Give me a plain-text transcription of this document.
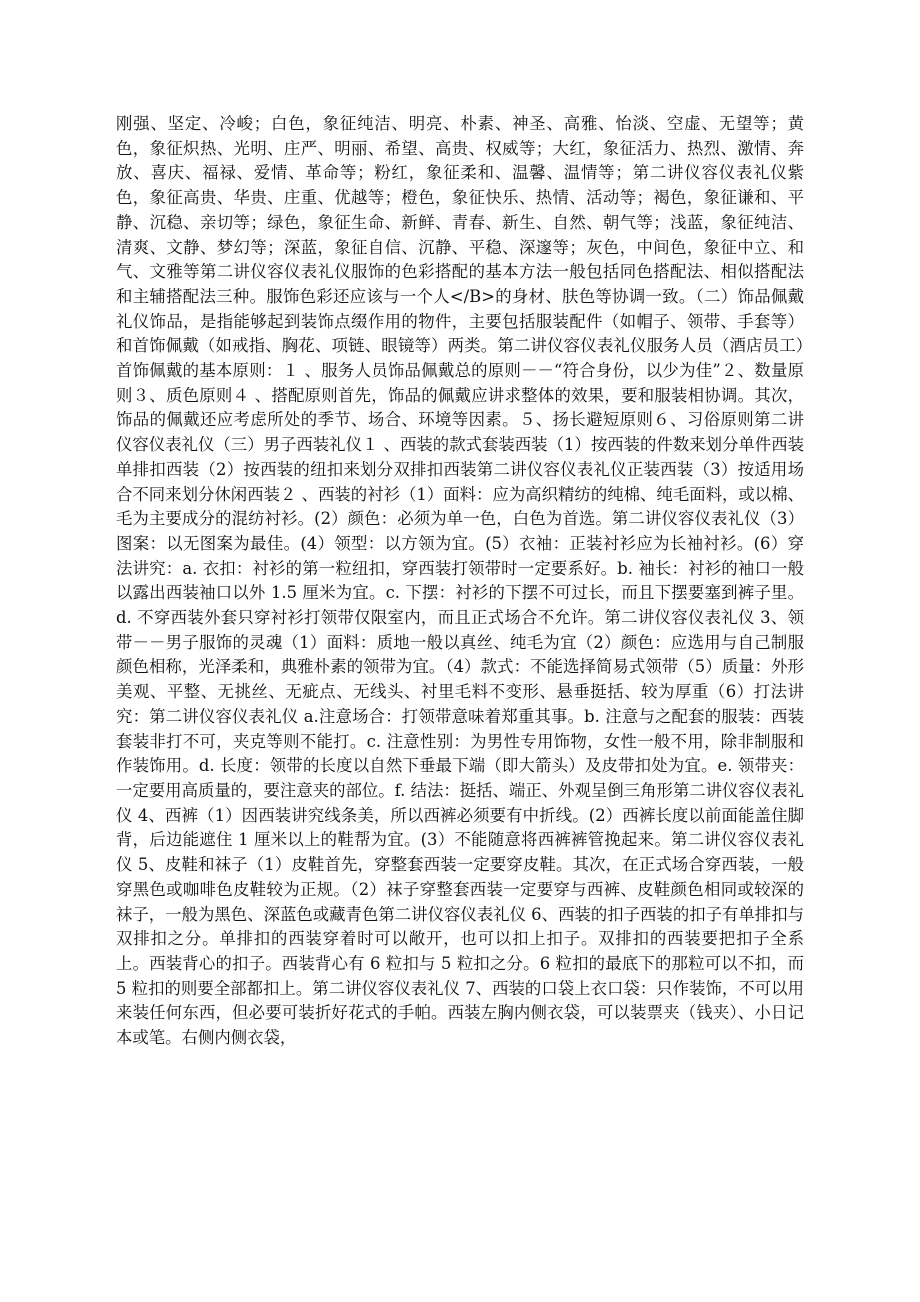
刚强、坚定、冷峻；白色，象征纯洁、明亮、朴素、神圣、高雅、怡淡、空虚、无望等；黄色，象征炽热、光明、庄严、明丽、希望、高贵、权威等；大红，象征活力、热烈、激情、奔放、喜庆、福禄、爱情、革命等；粉红，象征柔和、温馨、温情等；第二讲仪容仪表礼仪紫色，象征高贵、华贵、庄重、优越等；橙色，象征快乐、热情、活动等；褐色，象征谦和、平静、沉稳、亲切等；绿色，象征生命、新鲜、青春、新生、自然、朝气等；浅蓝，象征纯洁、清爽、文静、梦幻等；深蓝，象征自信、沉静、平稳、深邃等；灰色，中间色，象征中立、和气、文雅等第二讲仪容仪表礼仪服饰的色彩搭配的基本方法一般包括同色搭配法、相似搭配法和主辅搭配法三种。服饰色彩还应该与一个人</B>的身材、肤色等协调一致。（二）饰品佩戴礼仪饰品，是指能够起到装饰点缀作用的物件，主要包括服装配件（如帽子、领带、手套等）和首饰佩戴（如戒指、胸花、项链、眼镜等）两类。第二讲仪容仪表礼仪服务人员（酒店员工）首饰佩戴的基本原则：１ 、服务人员饰品佩戴总的原则－－“符合身份，以少为佳”２、数量原则３、质色原则４ 、搭配原则首先，饰品的佩戴应讲求整体的效果，要和服装相协调。其次，饰品的佩戴还应考虑所处的季节、场合、环境等因素。５、扬长避短原则６、习俗原则第二讲仪容仪表礼仪（三）男子西装礼仪１ 、西装的款式套装西装（1）按西装的件数来划分单件西装单排扣西装（2）按西装的纽扣来划分双排扣西装第二讲仪容仪表礼仪正装西装（3）按适用场合不同来划分休闲西装２ 、西装的衬衫（1）面料：应为高织精纺的纯棉、纯毛面料，或以棉、毛为主要成分的混纺衬衫。(2）颜色：必须为单一色，白色为首选。第二讲仪容仪表礼仪（3）图案：以无图案为最佳。(4）领型：以方领为宜。(5）衣袖：正装衬衫应为长袖衬衫。(6）穿法讲究：a. 衣扣：衬衫的第一粒纽扣，穿西装打领带时一定要系好。b. 袖长：衬衫的袖口一般以露出西装袖口以外 1.5 厘米为宜。c. 下摆：衬衫的下摆不可过长，而且下摆要塞到裤子里。d. 不穿西装外套只穿衬衫打领带仅限室内，而且正式场合不允许。第二讲仪容仪表礼仪 3、领带－－男子服饰的灵魂（1）面料：质地一般以真丝、纯毛为宜（2）颜色：应选用与自己制服颜色相称，光泽柔和，典雅朴素的领带为宜。（4）款式：不能选择简易式领带（5）质量：外形美观、平整、无挑丝、无疵点、无线头、衬里毛料不变形、悬垂挺括、较为厚重（6）打法讲究：第二讲仪容仪表礼仪 a.注意场合：打领带意味着郑重其事。b. 注意与之配套的服装：西装套装非打不可，夹克等则不能打。c. 注意性别：为男性专用饰物，女性一般不用，除非制服和作装饰用。d. 长度：领带的长度以自然下垂最下端（即大箭头）及皮带扣处为宜。e. 领带夹：一定要用高质量的，要注意夹的部位。f. 结法：挺括、端正、外观呈倒三角形第二讲仪容仪表礼仪 4、西裤（1）因西装讲究线条美，所以西裤必须要有中折线。(2）西裤长度以前面能盖住脚背，后边能遮住 1 厘米以上的鞋帮为宜。(3）不能随意将西裤裤管挽起来。第二讲仪容仪表礼仪 5、皮鞋和袜子（1）皮鞋首先，穿整套西装一定要穿皮鞋。其次，在正式场合穿西装，一般穿黑色或咖啡色皮鞋较为正规。（2）袜子穿整套西装一定要穿与西裤、皮鞋颜色相同或较深的袜子，一般为黑色、深蓝色或藏青色第二讲仪容仪表礼仪 6、西装的扣子西装的扣子有单排扣与双排扣之分。单排扣的西装穿着时可以敞开，也可以扣上扣子。双排扣的西装要把扣子全系上。西装背心的扣子。西装背心有 6 粒扣与 5 粒扣之分。6 粒扣的最底下的那粒可以不扣，而 5 粒扣的则要全部都扣上。第二讲仪容仪表礼仪 7、西装的口袋上衣口袋：只作装饰，不可以用来装任何东西，但必要可装折好花式的手帕。西装左胸内侧衣袋，可以装票夹（钱夹）、小日记本或笔。右侧内侧衣袋，
